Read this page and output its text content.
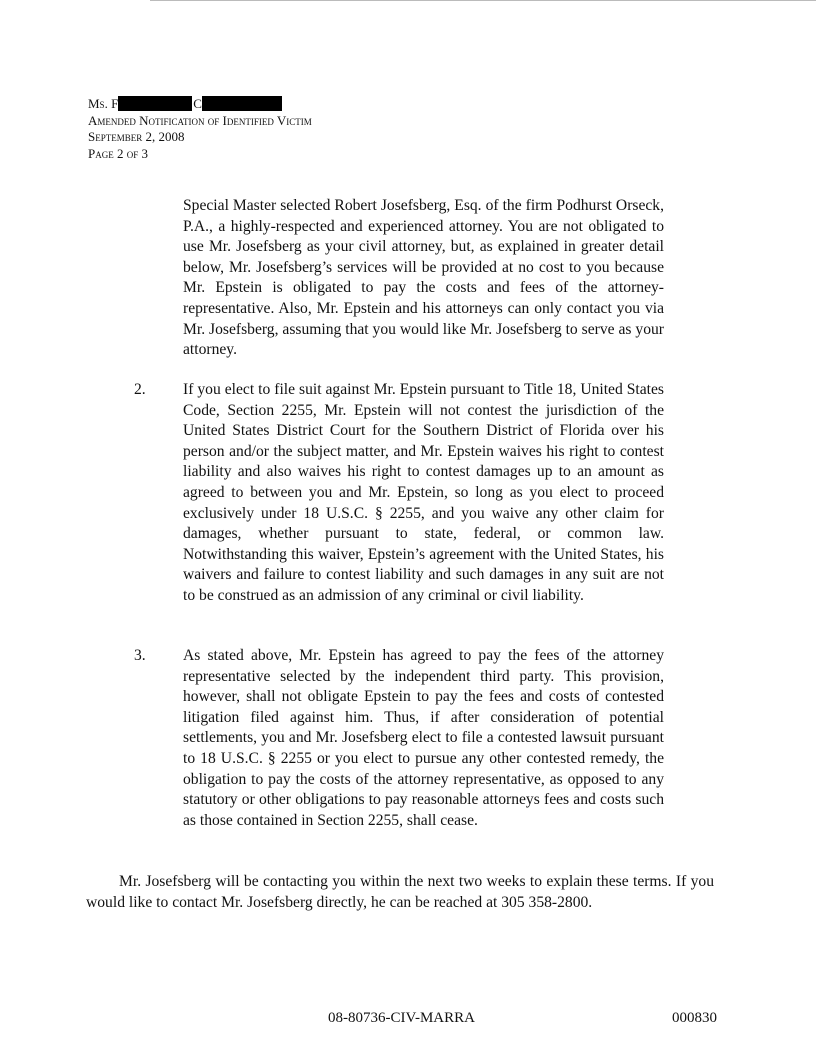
Ms. F	C
Amended Notification of Identified Victim
September 2, 2008
Page 2 of 3
Special Master selected Robert Josefsberg, Esq. of the firm Podhurst Orseck, P.A., a highly-respected and experienced attorney. You are not obligated to use Mr. Josefsberg as your civil attorney, but, as explained in greater detail below, Mr. Josefsberg’s services will be provided at no cost to you because Mr. Epstein is obligated to pay the costs and fees of the attorney-representative. Also, Mr. Epstein and his attorneys can only contact you via Mr. Josefsberg, assuming that you would like Mr. Josefsberg to serve as your attorney.
2. If you elect to file suit against Mr. Epstein pursuant to Title 18, United States Code, Section 2255, Mr. Epstein will not contest the jurisdiction of the United States District Court for the Southern District of Florida over his person and/or the subject matter, and Mr. Epstein waives his right to contest liability and also waives his right to contest damages up to an amount as agreed to between you and Mr. Epstein, so long as you elect to proceed exclusively under 18 U.S.C. § 2255, and you waive any other claim for damages, whether pursuant to state, federal, or common law. Notwithstanding this waiver, Epstein’s agreement with the United States, his waivers and failure to contest liability and such damages in any suit are not to be construed as an admission of any criminal or civil liability.
3. As stated above, Mr. Epstein has agreed to pay the fees of the attorney representative selected by the independent third party. This provision, however, shall not obligate Epstein to pay the fees and costs of contested litigation filed against him. Thus, if after consideration of potential settlements, you and Mr. Josefsberg elect to file a contested lawsuit pursuant to 18 U.S.C. § 2255 or you elect to pursue any other contested remedy, the obligation to pay the costs of the attorney representative, as opposed to any statutory or other obligations to pay reasonable attorneys fees and costs such as those contained in Section 2255, shall cease.
Mr. Josefsberg will be contacting you within the next two weeks to explain these terms. If you would like to contact Mr. Josefsberg directly, he can be reached at 305 358-2800.
08-80736-CIV-MARRA	000830
